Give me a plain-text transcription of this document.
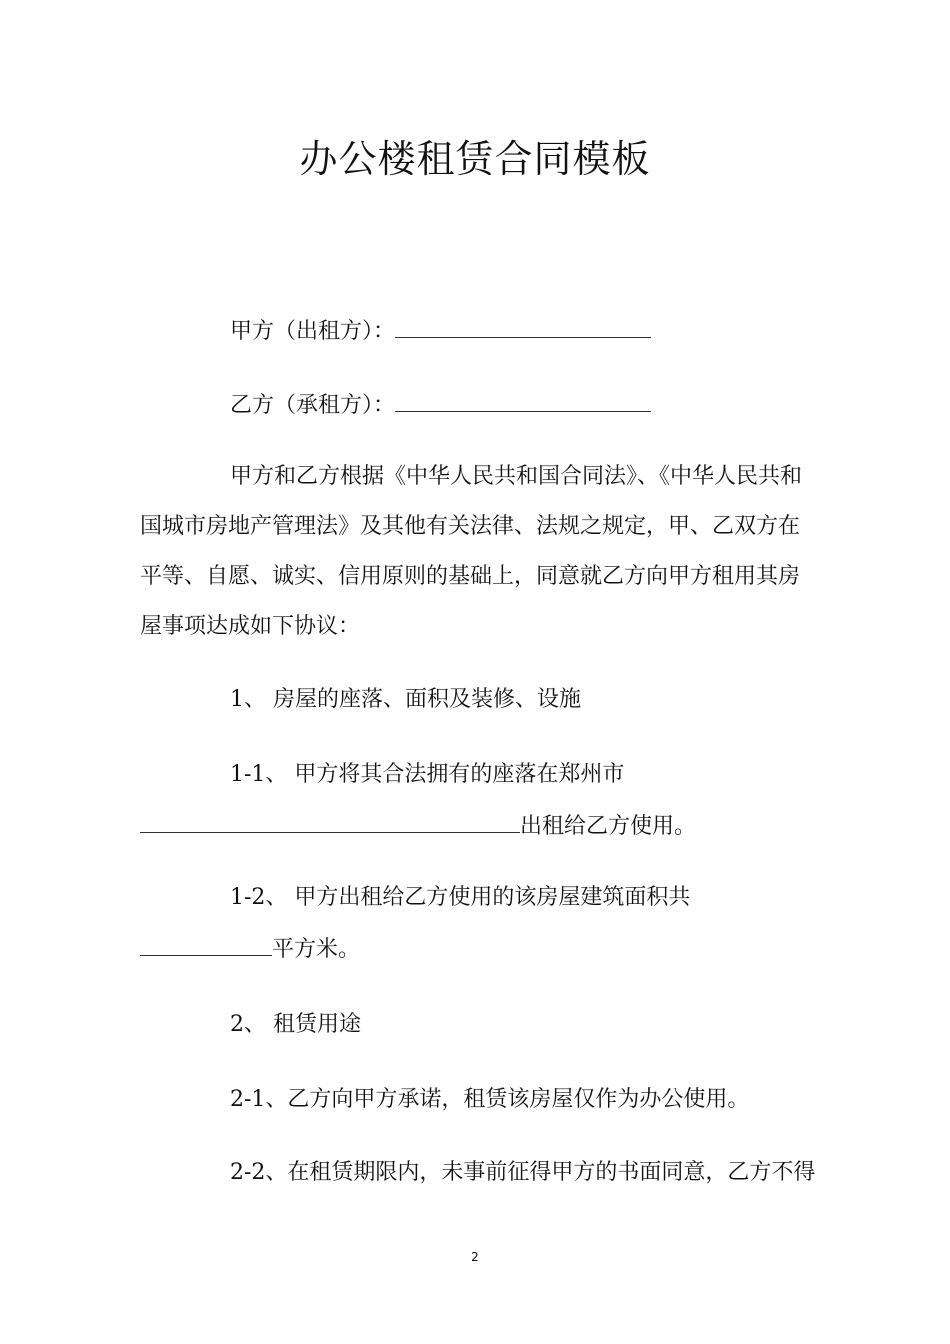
办公楼租赁合同模板
甲方（出租方）：
乙方（承租方）：
甲方和乙方根据《中华人民共和国合同法》、《中华人民共和
国城市房地产管理法》及其他有关法律、法规之规定，甲、乙双方在
平等、自愿、诚实、信用原则的基础上，同意就乙方向甲方租用其房
屋事项达成如下协议：
1、 房屋的座落、面积及装修、设施
1-1、 甲方将其合法拥有的座落在郑州市
出租给乙方使用。
1-2、 甲方出租给乙方使用的该房屋建筑面积共
平方米。
2、 租赁用途
2-1、乙方向甲方承诺，租赁该房屋仅作为办公使用。
2-2、在租赁期限内，未事前征得甲方的书面同意，乙方不得
2
